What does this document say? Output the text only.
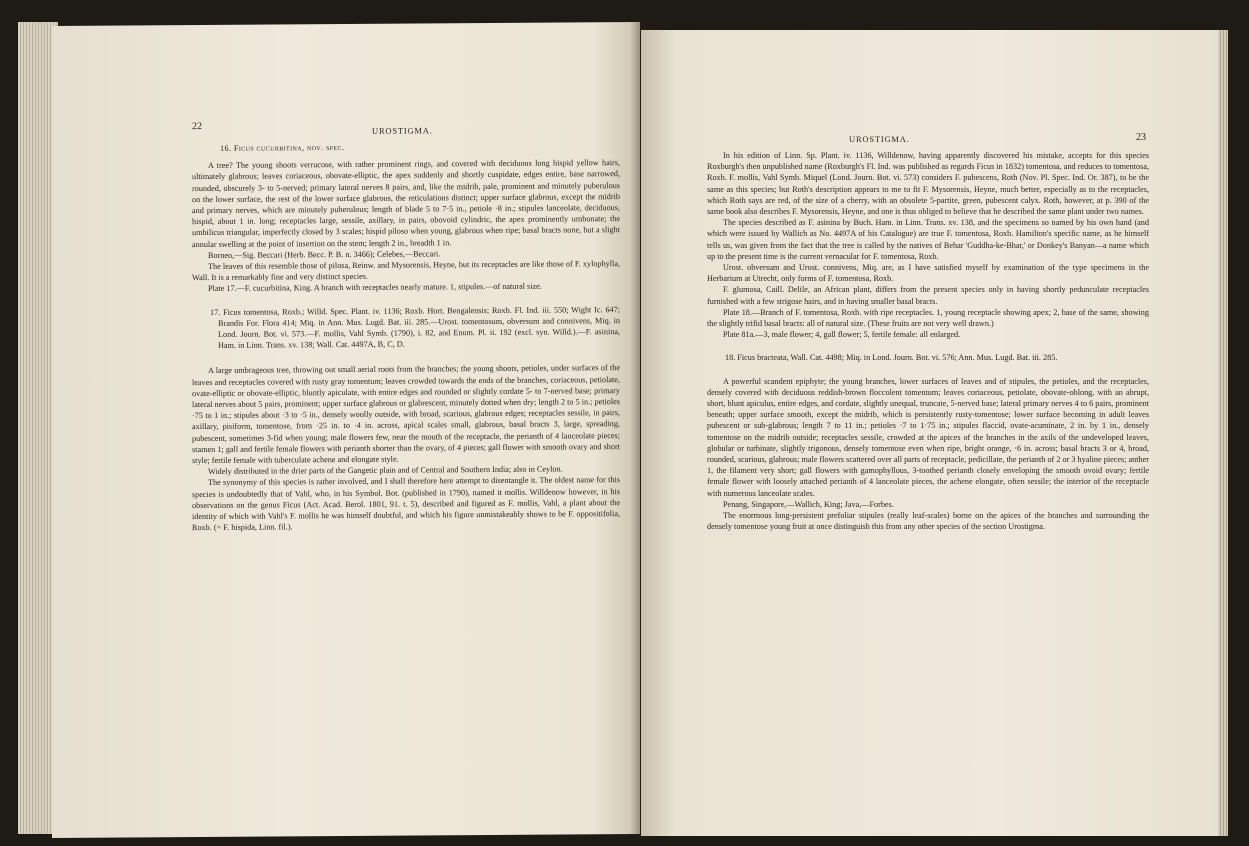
22	UROSTIGMA.

16. Ficus cucurbitina, nov. spec.

A tree? The young shoots verrucose, with rather prominent rings, and covered with deciduous long hispid yellow hairs, ultimately glabrous; leaves coriaceous, obovate-elliptic, the apex suddenly and shortly cuspidate, edges entire, base narrowed, rounded, obscurely 3- to 5-nerved; primary lateral nerves 8 pairs, and, like the midrib, pale, prominent and minutely puberulous on the lower surface, the rest of the lower surface glabrous, the reticulations distinct; upper surface glabrous, except the midrib and primary nerves, which are minutely puberulous; length of blade 5 to 7·5 in., petiole ·8 in.; stipules lanceolate, deciduous, hispid, about 1 in. long; receptacles large, sessile, axillary, in pairs, obovoid cylindric, the apex prominently umbonate; the umbilicus triangular, imperfectly closed by 3 scales; hispid piloso when young, glabrous when ripe; basal bracts none, but a slight annular swelling at the point of insertion on the stem; length 2 in., breadth 1 in.

Borneo,—Sig. Beccari (Herb. Becc. P. B. n. 3466); Celebes,—Beccari.

The leaves of this resemble those of pilosa, Reinw. and Mysorensis, Heyne, but its receptacles are like those of F. xylophylla, Wall. It is a remarkably fine and very distinct species.

Plate 17.—F. cucurbitina, King. A branch with receptacles nearly mature. 1, stipules.—of natural size.

17. Ficus tomentosa, Roxb.; Willd. Spec. Plant. iv. 1136; Roxb. Hort. Bengalensis; Roxb. Fl. Ind. iii. 550; Wight Ic. 647; Brandis For. Flora 414; Miq. in Ann. Mus. Lugd. Bat. iii. 285.—Urost. tomentosum, obversum and connivens, Miq. in Lond. Journ. Bot. vi. 573.—F. mollis, Vahl Symb. (1790), i. 82, and Enum. Pl. ii. 192 (excl. syn. Willd.).—F. asinina, Ham. in Linn. Trans. xv. 138; Wall. Cat. 4497A, B, C, D.

A large umbrageous tree, throwing out small aerial roots from the branches; the young shoots, petioles, under surfaces of the leaves and receptacles covered with rusty gray tomentum; leaves crowded towards the ends of the branches, coriaceous, petiolate, ovate-elliptic or obovate-elliptic, bluntly apiculate, with entire edges and rounded or slightly cordate 5- to 7-nerved base; primary lateral nerves about 5 pairs, prominent; upper surface glabrous or glabrescent, minutely dotted when dry; length 2 to 5 in.; petioles ·75 to 1 in.; stipules about ·3 to ·5 in., densely woolly outside, with broad, scarious, glabrous edges; receptacles sessile, in pairs, axillary, pisiform, tomentose, from ·25 in. to ·4 in. across, apical scales small, glabrous, basal bracts 3, large, spreading, pubescent, sometimes 3-fid when young; male flowers few, near the mouth of the receptacle, the perianth of 4 lanceolate pieces; stamen 1; gall and fertile female flowers with perianth shorter than the ovary, of 4 pieces; gall flower with smooth ovary and short style; fertile female with tuberculate achene and elongate style.

Widely distributed in the drier parts of the Gangetic plain and of Central and Southern India; also in Ceylon.

The synonymy of this species is rather involved, and I shall therefore here attempt to disentangle it. The oldest name for this species is undoubtedly that of Vahl, who, in his Symbol. Bot. (published in 1790), named it mollis. Willdenow however, in his observations on the genus Ficus (Act. Acad. Berol. 1801, 91. t. 5), described and figured as F. mollis, Vahl, a plant about the identity of which with Vahl's F. mollis he was himself doubtful, and which his figure unmistakeably shows to be F. oppositifolia, Roxb. (= F. hispida, Linn. fil.).

UROSTIGMA.	23

In his edition of Linn. Sp. Plant. iv. 1136, Willdenow, having apparently discovered his mistake, accepts for this species Roxburgh's then unpublished name (Roxburgh's Fl. Ind. was published as regards Ficus in 1832) tomentosa, and reduces to tomentosa, Roxb. F. mollis, Vahl Symb. Miquel (Lond. Journ. Bot. vi. 573) considers F. pubescens, Roth (Nov. Pl. Spec. Ind. Or. 387), to be the same as this species; but Roth's description appears to me to fit F. Mysorensis, Heyne, much better, especially as to the receptacles, which Roth says are red, of the size of a cherry, with an obsolete 5-partite, green, pubescent calyx. Roth, however, at p. 390 of the same book also describes F. Mysorensis, Heyne, and one is thus obliged to believe that he described the same plant under two names.

The species described as F. asinina by Buch. Ham. in Linn. Trans. xv. 138, and the specimens so named by his own hand (and which were issued by Wallich as No. 4497A of his Catalogue) are true F. tomentosa, Roxb. Hamilton's specific name, as he himself tells us, was given from the fact that the tree is called by the natives of Behar 'Guddha-ke-Bhar,' or Donkey's Banyan—a name which up to the present time is the current vernacular for F. tomentosa, Roxb.

Urost. obversum and Urost. connivens, Miq. are, as I have satisfied myself by examination of the type specimens in the Herbarium at Utrecht, only forms of F. tomentosa, Roxb.

F. glumosa, Caill. Delile, an African plant, differs from the present species only in having shortly pedunculate receptacles furnished with a few strigose hairs, and in having smaller basal bracts.

Plate 18.—Branch of F. tomentosa, Roxb. with ripe receptacles. 1, young receptacle showing apex; 2, base of the same, showing the slightly trifid basal bracts: all of natural size. (These fruits are not very well drawn.)

Plate 81a.—3, male flower; 4, gall flower; 5, fertile female: all enlarged.

18. Ficus bracteata, Wall. Cat. 4498; Miq. in Lond. Journ. Bot. vi. 576; Ann. Mus. Lugd. Bat. iii. 285.

A powerful scandent epiphyte; the young branches, lower surfaces of leaves and of stipules, the petioles, and the receptacles, densely covered with deciduous reddish-brown floccolent tomentum; leaves coriaceous, petiolate, obovate-oblong, with an abrupt, short, blunt apiculus, entire edges, and cordate, slightly unequal, truncate, 5-nerved base; lateral primary nerves 4 to 6 pairs, prominent beneath; upper surface smooth, except the midrib, which is persistently rusty-tomentose; lower surface becoming in adult leaves pubescent or sub-glabrous; length 7 to 11 in.; petioles ·7 to 1·75 in.; stipules flaccid, ovate-acuminate, 2 in. by 1 in., densely tomentose on the midrib outside; receptacles sessile, crowded at the apices of the branches in the axils of the undeveloped leaves, globular or turbinate, slightly trigonous, densely tomentose even when ripe, bright orange, ·6 in. across; basal bracts 3 or 4, broad, rounded, scarious, glabrous; male flowers scattered over all parts of receptacle, pedicillate, the perianth of 2 or 3 hyaline pieces; anther 1, the filament very short; gall flowers with gamophyllous, 3-toothed perianth closely enveloping the smooth ovoid ovary; fertile female flower with loosely attached perianth of 4 lanceolate pieces, the achene elongate, often sessile; the interior of the receptacle with numerous lanceolate scales.

Penang, Singapore,—Wallich, King; Java,—Forbes.

The enormous long-persistent prefoliar stipules (really leaf-scales) borne on the apices of the branches and surrounding the densely tomentose young fruit at once distinguish this from any other species of the section Urostigma.
